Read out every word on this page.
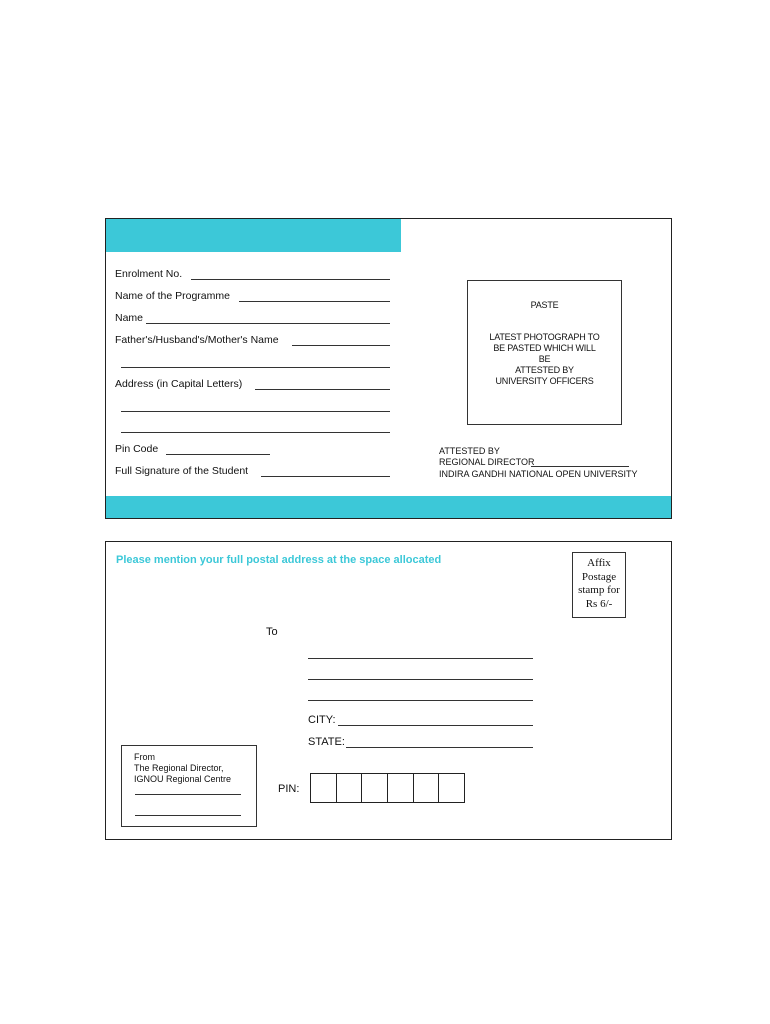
Enrolment No.
Name of the Programme
Name
Father's/Husband's/Mother's Name
Address (in Capital Letters)
Pin Code
Full Signature of the Student
PASTE
LATEST PHOTOGRAPH TO
BE PASTED WHICH WILL
BE
ATTESTED BY
UNIVERSITY OFFICERS
ATTESTED BY
REGIONAL DIRECTOR
INDIRA GANDHI NATIONAL OPEN UNIVERSITY
Please mention your full postal address at the space allocated	Affix
Postage
stamp for
Rs 6/-
To
CITY:
STATE:
PIN:
From
The Regional Director,
IGNOU Regional Centre
